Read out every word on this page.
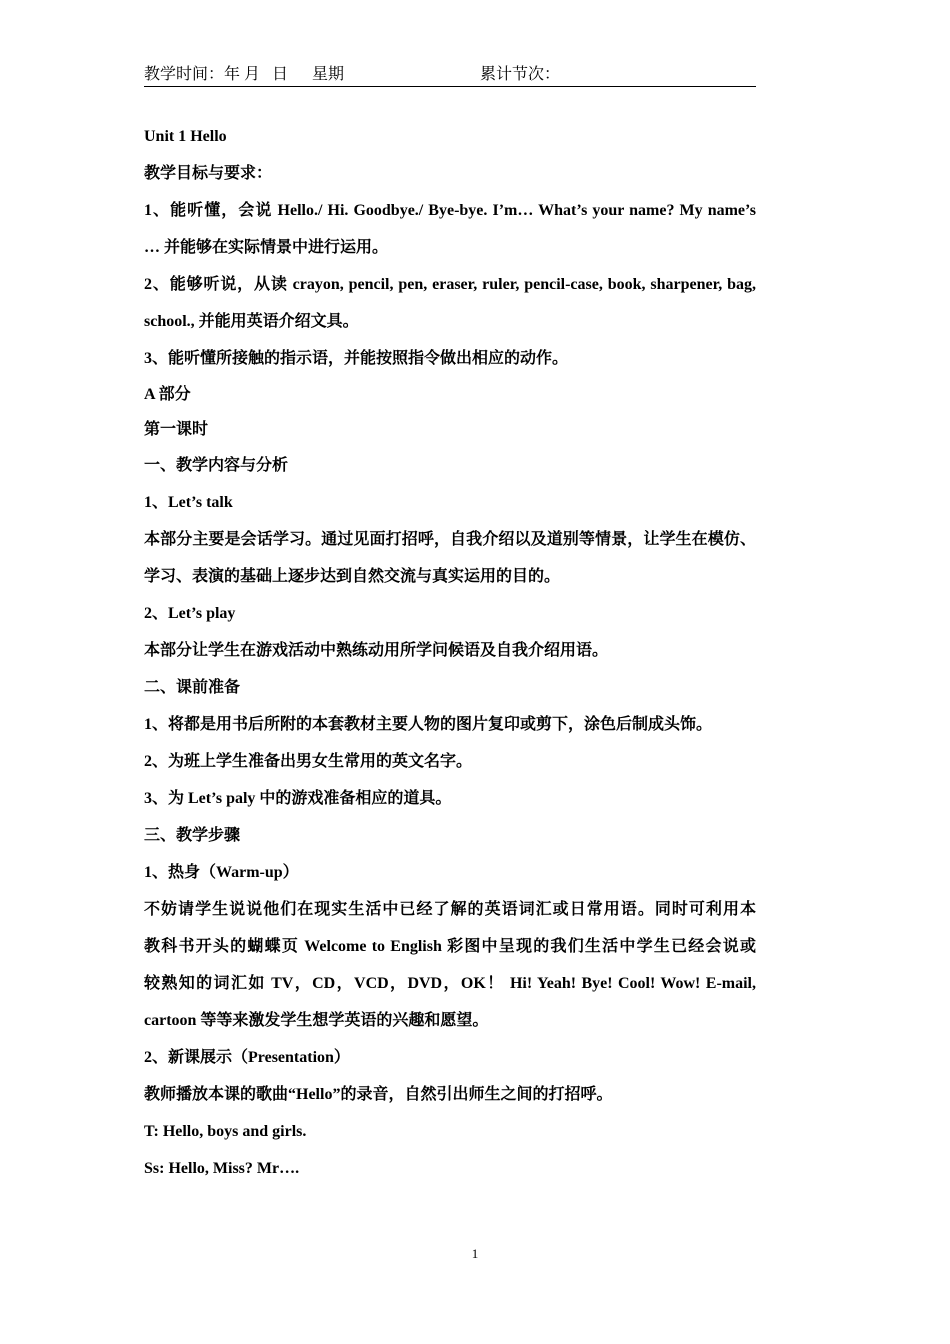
教学时间：年 月   日      星期	累计节次：
Unit 1 Hello
教学目标与要求：
1、能听懂，会说 Hello./ Hi. Goodbye./ Bye-bye. I’m… What’s your name? My name’s
… 并能够在实际情景中进行运用。
2、能够听说，从读 crayon, pencil, pen, eraser, ruler, pencil-case, book, sharpener, bag,
school., 并能用英语介绍文具。
3、能听懂所接触的指示语，并能按照指令做出相应的动作。
A 部分
第一课时
一、教学内容与分析
1、Let’s talk
本部分主要是会话学习。通过见面打招呼，自我介绍以及道别等情景，让学生在模仿、
学习、表演的基础上逐步达到自然交流与真实运用的目的。
2、Let’s play
本部分让学生在游戏活动中熟练动用所学问候语及自我介绍用语。
二、课前准备
1、将都是用书后所附的本套教材主要人物的图片复印或剪下，涂色后制成头饰。
2、为班上学生准备出男女生常用的英文名字。
3、为 Let’s paly 中的游戏准备相应的道具。
三、教学步骤
1、热身（Warm-up）
不妨请学生说说他们在现实生活中已经了解的英语词汇或日常用语。同时可利用本
教科书开头的蝴蝶页 Welcome to English 彩图中呈现的我们生活中学生已经会说或
较熟知的词汇如 TV，CD，VCD，DVD，OK！ Hi! Yeah! Bye! Cool! Wow! E-mail,
cartoon 等等来激发学生想学英语的兴趣和愿望。
2、新课展示（Presentation）
教师播放本课的歌曲“Hello”的录音，自然引出师生之间的打招呼。
T: Hello, boys and girls.
Ss: Hello, Miss? Mr….
1
